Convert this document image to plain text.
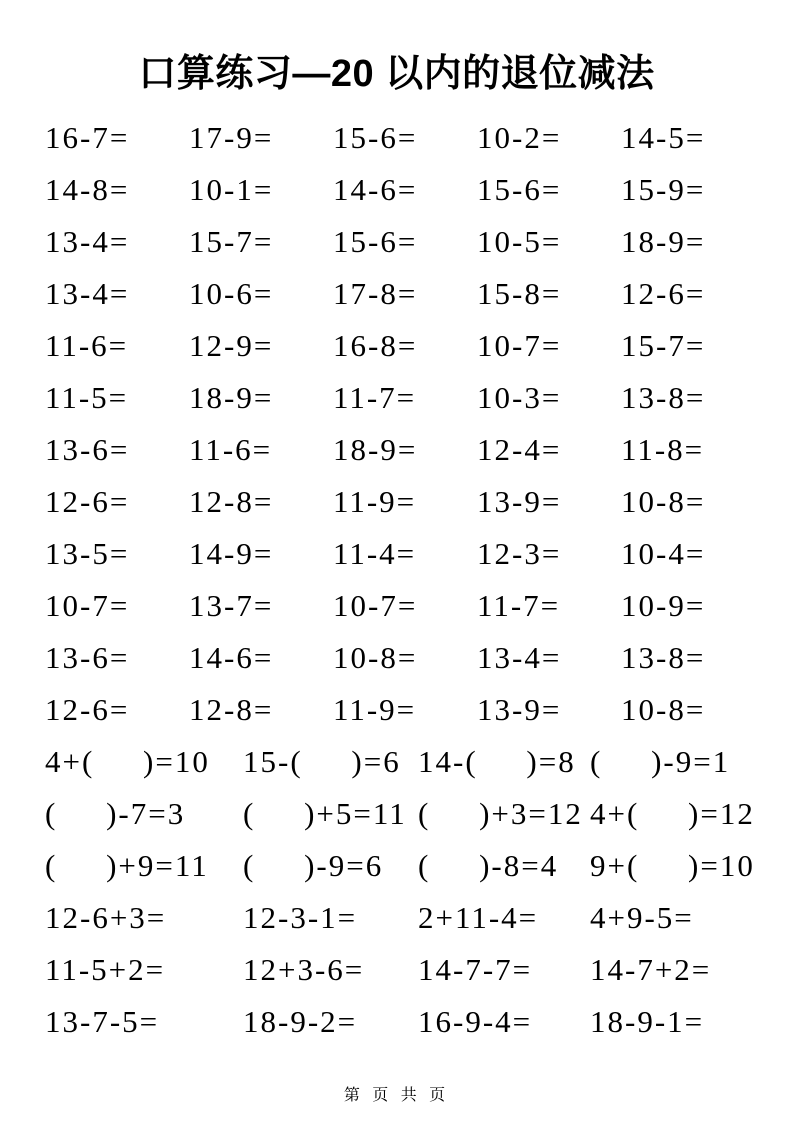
口算练习—20 以内的退位减法
16-7=	17-9=	15-6=	10-2=	14-5=
14-8=	10-1=	14-6=	15-6=	15-9=
13-4=	15-7=	15-6=	10-5=	18-9=
13-4=	10-6=	17-8=	15-8=	12-6=
11-6=	12-9=	16-8=	10-7=	15-7=
11-5=	18-9=	11-7=	10-3=	13-8=
13-6=	11-6=	18-9=	12-4=	11-8=
12-6=	12-8=	11-9=	13-9=	10-8=
13-5=	14-9=	11-4=	12-3=	10-4=
10-7=	13-7=	10-7=	11-7=	10-9=
13-6=	14-6=	10-8=	13-4=	13-8=
12-6=	12-8=	11-9=	13-9=	10-8=
4+(     )=10	15-(     )=6 14-(     )=8 (     )-9=1
(     )-7=3	(     )+5=11 (     )+3=12 4+(     )=12
(     )+9=11	(     )-9=6	(     )-8=4	9+(     )=10
12-6+3=	12-3-1=	2+11-4=	4+9-5=
11-5+2=	12+3-6=	14-7-7=	14-7+2=
13-7-5=	18-9-2=	16-9-4=	18-9-1=
第 页 共 页
